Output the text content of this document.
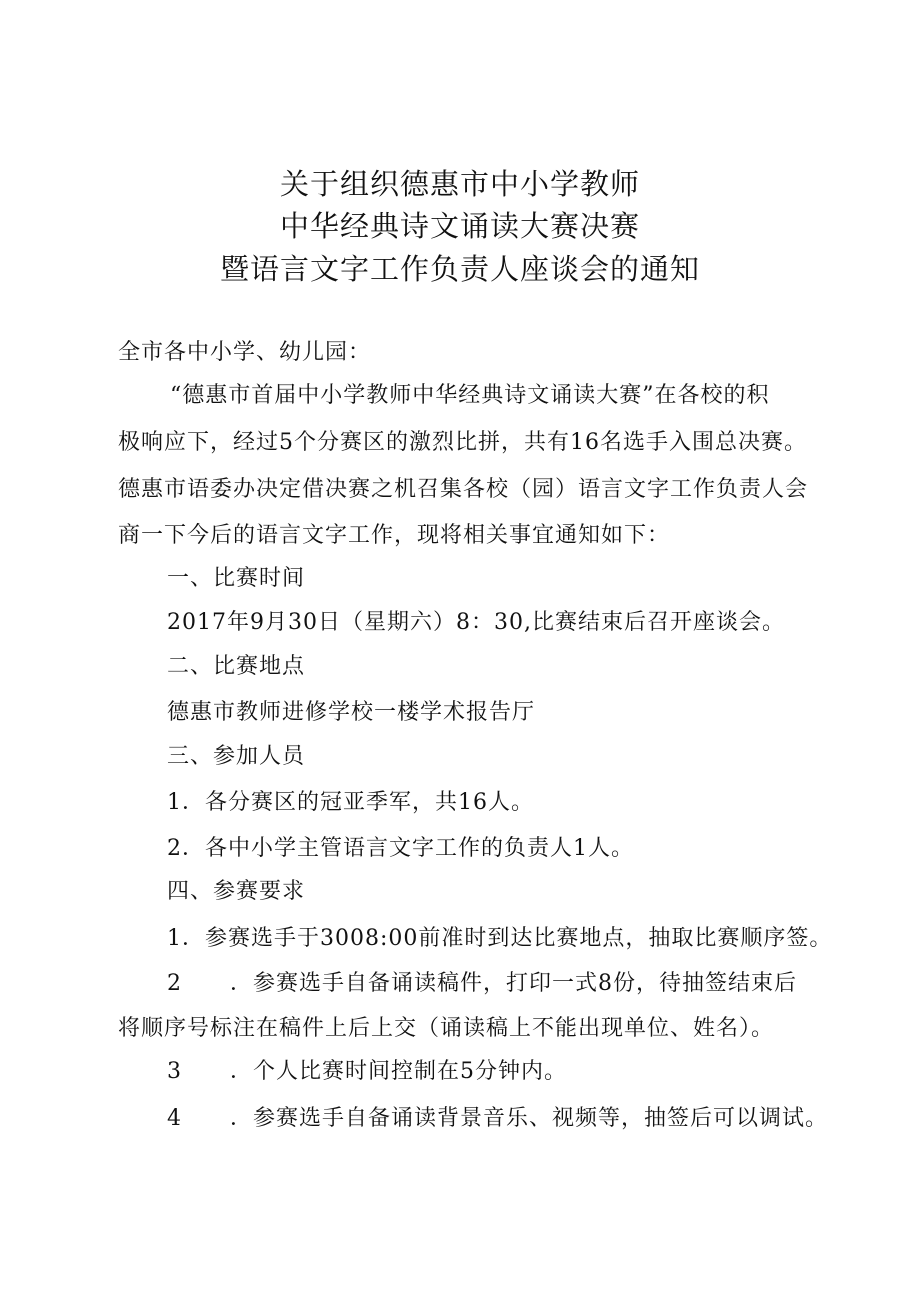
关于组织德惠市中小学教师
中华经典诗文诵读大赛决赛
暨语言文字工作负责人座谈会的通知
全市各中小学、幼儿园：
“德惠市首届中小学教师中华经典诗文诵读大赛”在各校的积
极响应下，经过5个分赛区的激烈比拼，共有16名选手入围总决赛。
德惠市语委办决定借决赛之机召集各校（园）语言文字工作负责人会
商一下今后的语言文字工作，现将相关事宜通知如下：
一、比赛时间
2017年9月30日（星期六）8：30,比赛结束后召开座谈会。
二、比赛地点
德惠市教师进修学校一楼学术报告厅
三、参加人员
1．各分赛区的冠亚季军，共16人。
2．各中小学主管语言文字工作的负责人1人。
四、参赛要求
1．参赛选手于3008:00前准时到达比赛地点，抽取比赛顺序签。
2 ．参赛选手自备诵读稿件，打印一式8份，待抽签结束后
将顺序号标注在稿件上后上交（诵读稿上不能出现单位、姓名）。
3 ．个人比赛时间控制在5分钟内。
4 ．参赛选手自备诵读背景音乐、视频等，抽签后可以调试。
